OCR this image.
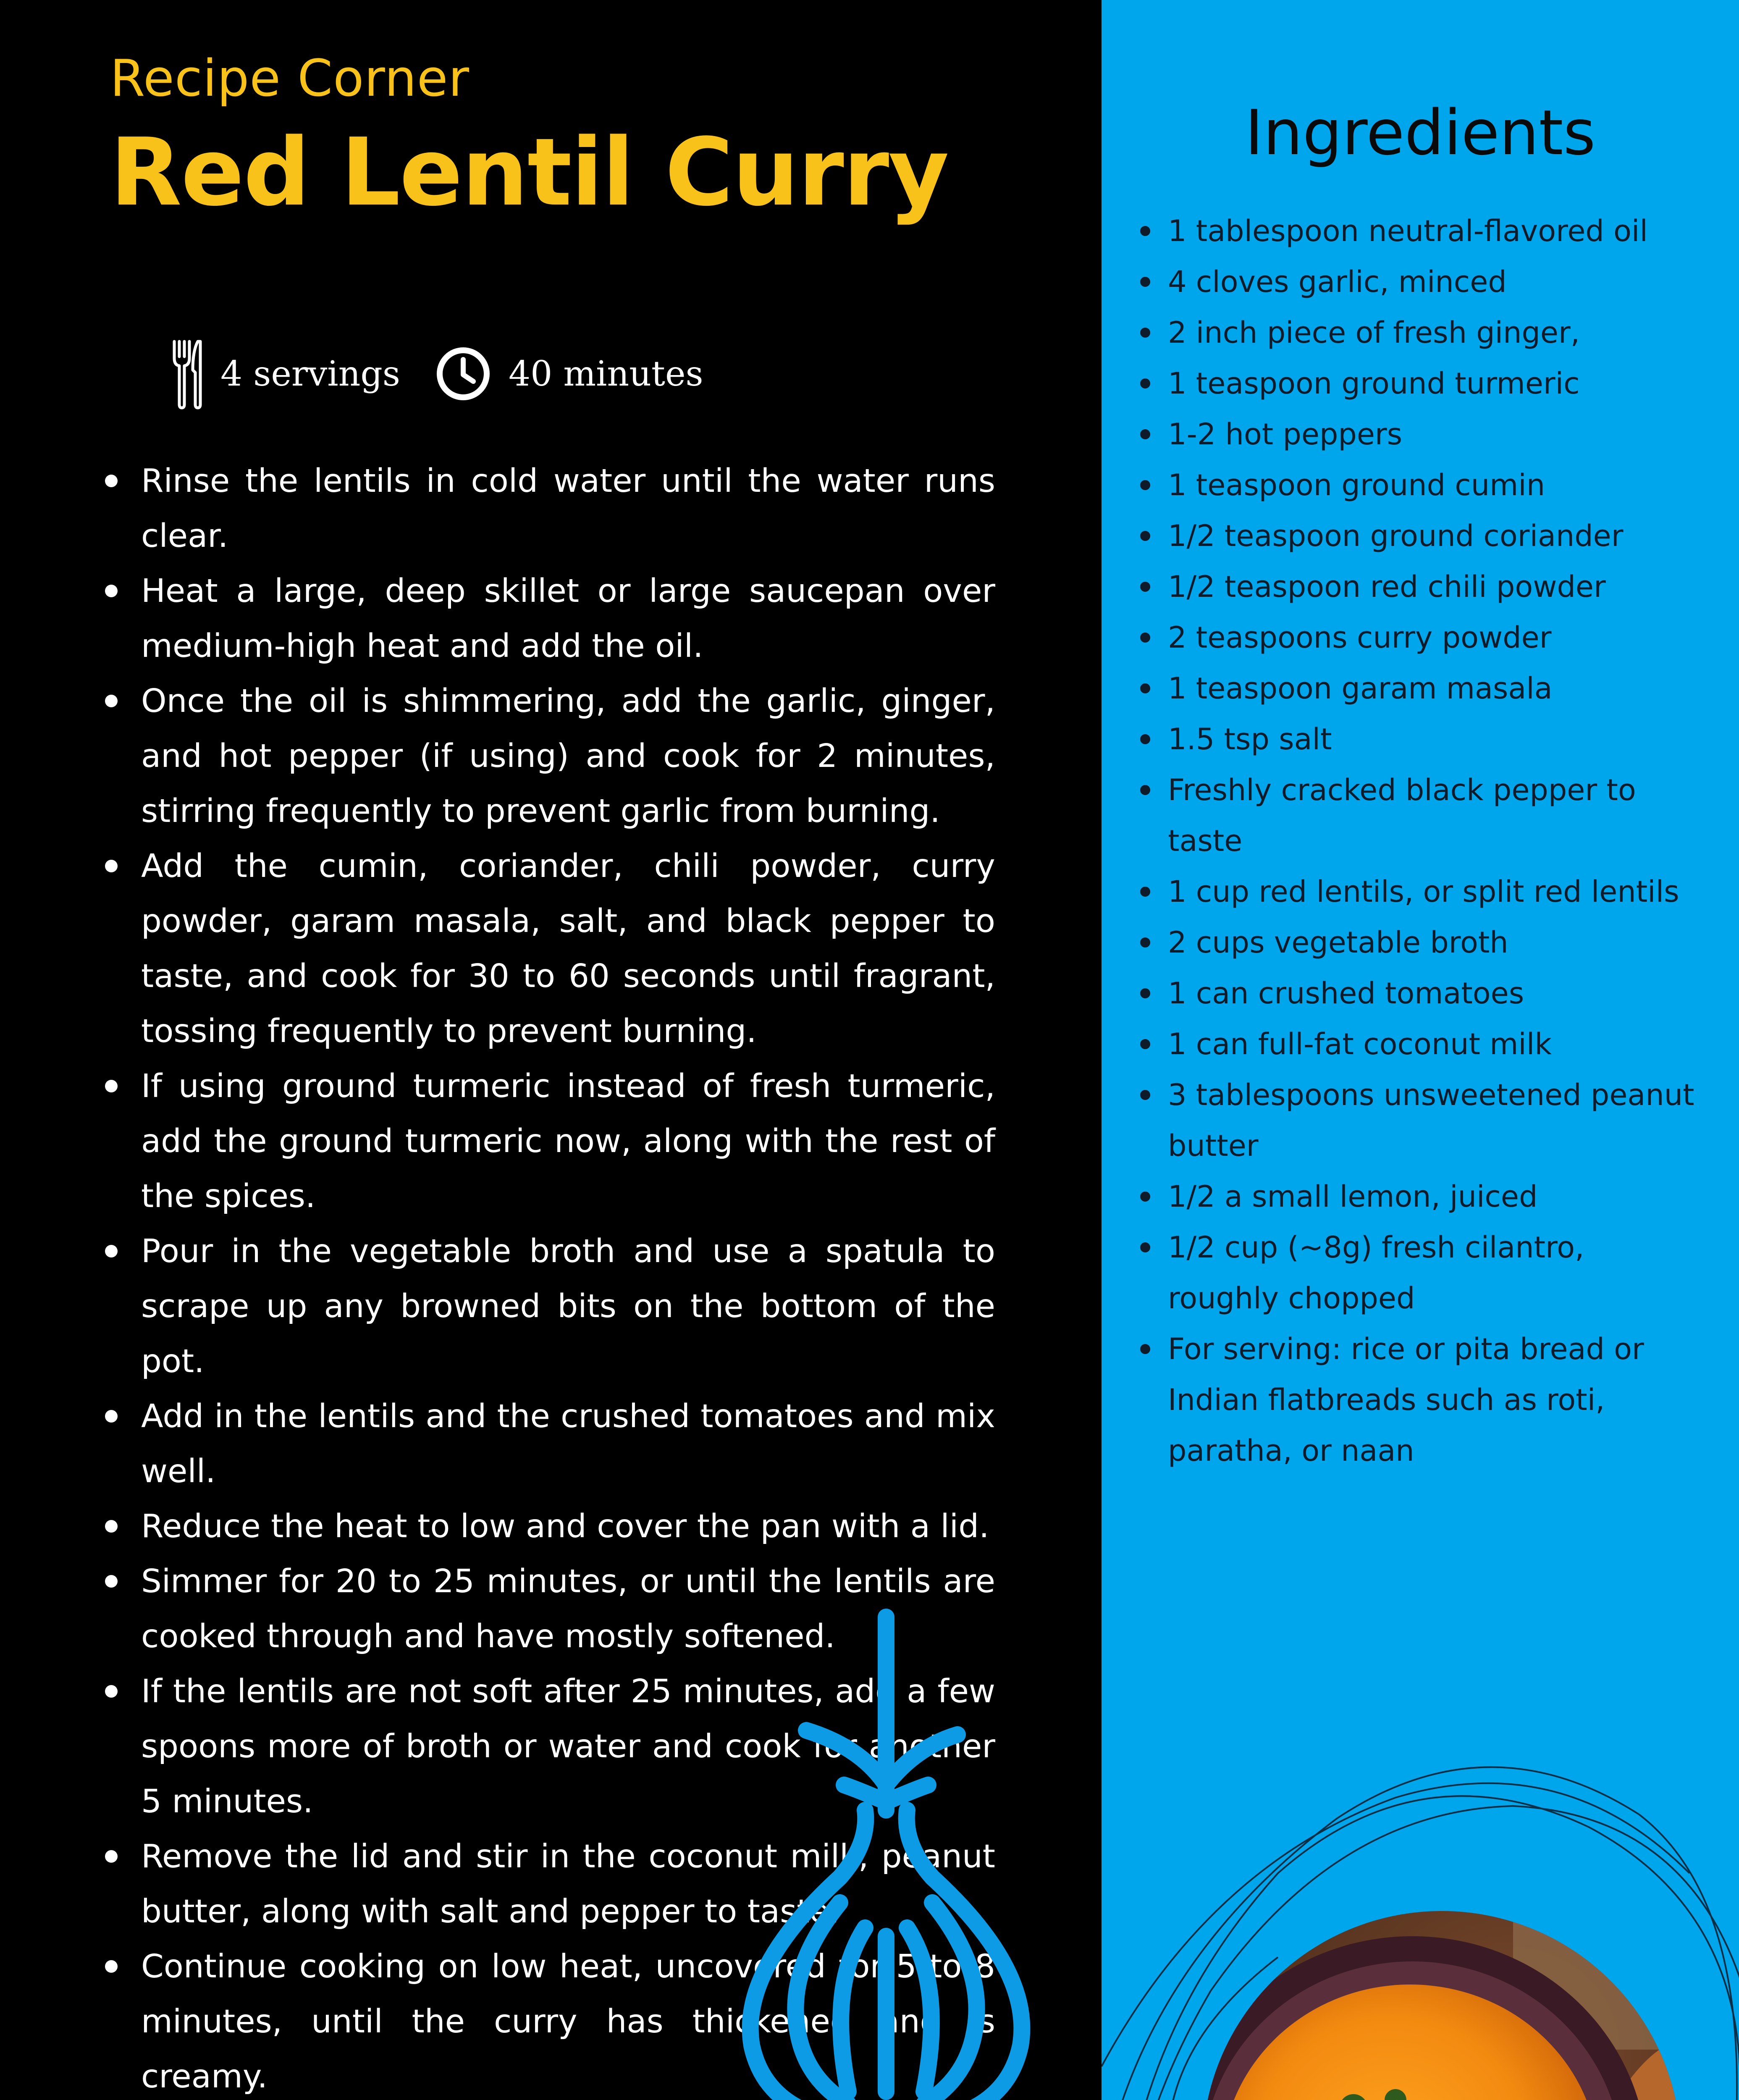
Recipe Corner
Red Lentil Curry
4 servings	40 minutes
Rinse the lentils in cold water until the water runs clear.
Heat a large, deep skillet or large saucepan over medium-high heat and add the oil.
Once the oil is shimmering, add the garlic, ginger, and hot pepper (if using) and cook for 2 minutes, stirring frequently to prevent garlic from burning.
Add the cumin, coriander, chili powder, curry powder, garam masala, salt, and black pepper to taste, and cook for 30 to 60 seconds until fragrant, tossing frequently to prevent burning.
If using ground turmeric instead of fresh turmeric, add the ground turmeric now, along with the rest of the spices.
Pour in the vegetable broth and use a spatula to scrape up any browned bits on the bottom of the pot.
Add in the lentils and the crushed tomatoes and mix well.
Reduce the heat to low and cover the pan with a lid.
Simmer for 20 to 25 minutes, or until the lentils are cooked through and have mostly softened.
If the lentils are not soft after 25 minutes, add a few spoons more of broth or water and cook for another 5 minutes.
Remove the lid and stir in the coconut milk, peanut butter, along with salt and pepper to taste.
Continue cooking on low heat, uncovered for 5 to 8 minutes, until the curry has thickened and is creamy.
Ingredients
1 tablespoon neutral-flavored oil
4 cloves garlic, minced
2 inch piece of fresh ginger,
1 teaspoon ground turmeric
1-2 hot peppers
1 teaspoon ground cumin
1/2 teaspoon ground coriander
1/2 teaspoon red chili powder
2 teaspoons curry powder
1 teaspoon garam masala
1.5 tsp salt
Freshly cracked black pepper to taste
1 cup red lentils, or split red lentils
2 cups vegetable broth
1 can crushed tomatoes
1 can full-fat coconut milk
3 tablespoons unsweetened peanut butter
1/2 a small lemon, juiced
1/2 cup (~8g) fresh cilantro, roughly chopped
For serving: rice or pita bread or Indian flatbreads such as roti, paratha, or naan
